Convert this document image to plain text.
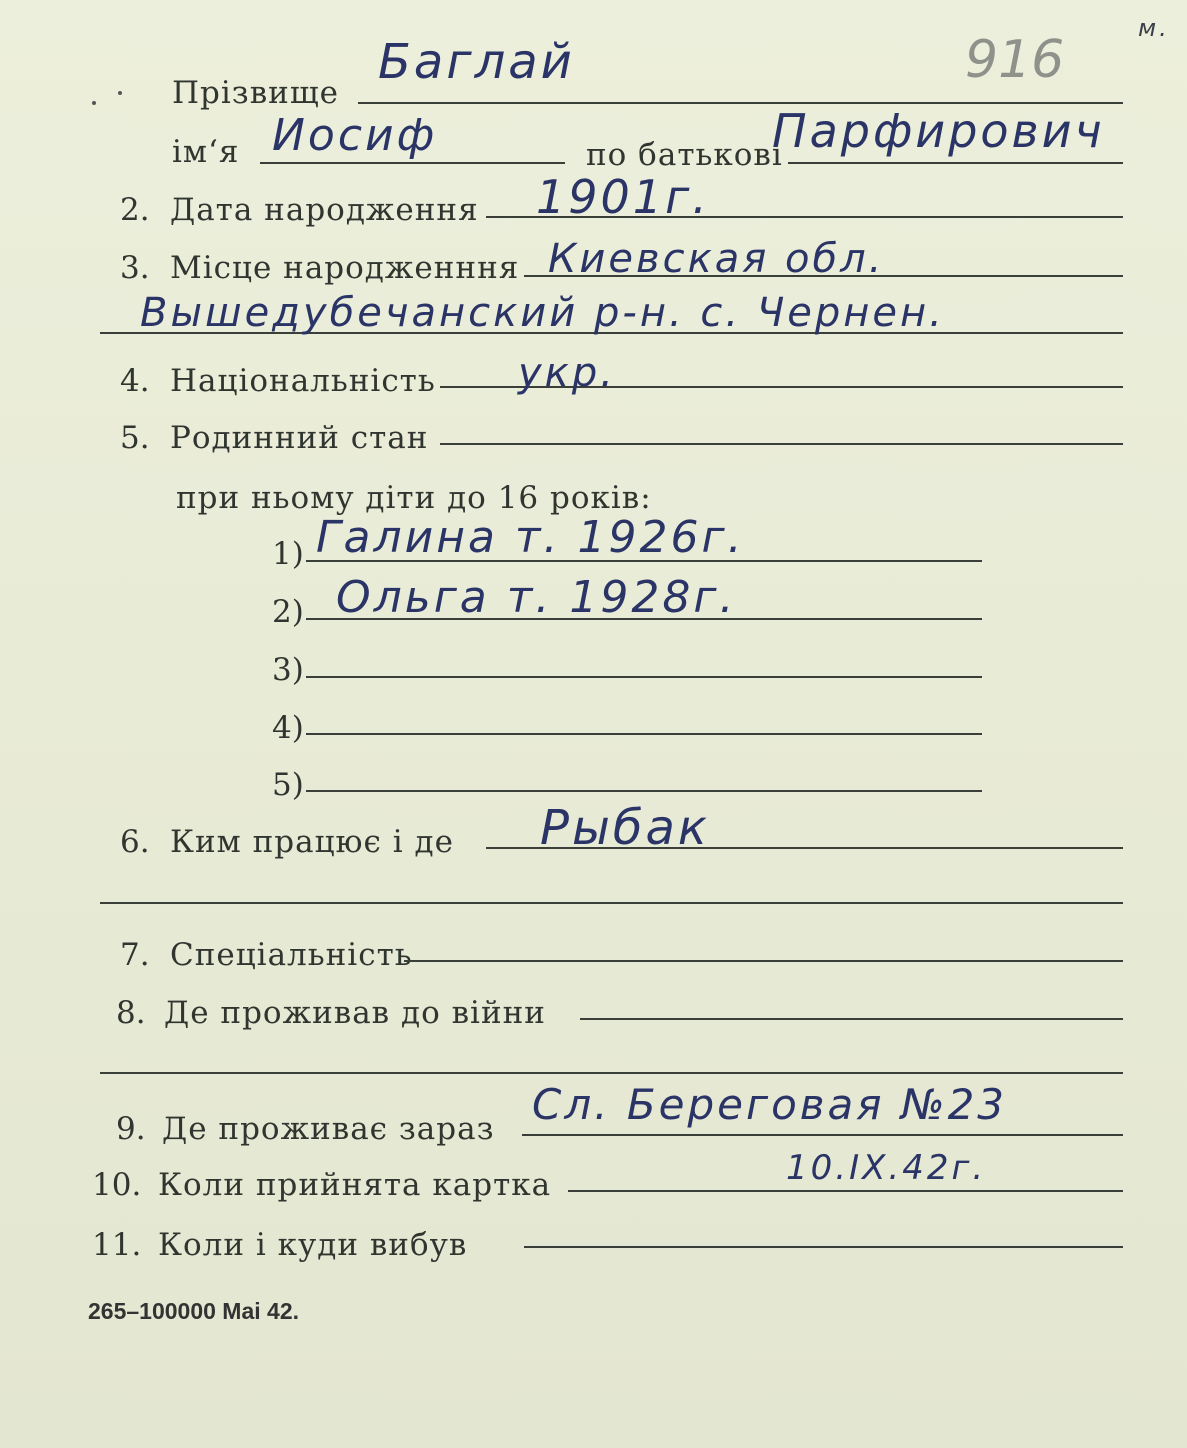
916
м.
Прізвище
Баглай
ім‘я Иосиф	по батькові
Парфирович
2. Дата народження 1901г.
3. Місце народженння Киевская обл.
Вышедубечанский р-н. с. Чернен.
4. Національність укр.
5. Родинний стан
при ньому діти до 16 років:
1) Галина т. 1926г.
2) Ольга т. 1928г.
3)
4)
5)
6. Ким працює і де Рыбак
7. Спеціальність
8. Де проживав до війни
9. Де проживає зараз Сл. Береговая №23
10. Коли прийнята картка	10.IX.42г.
11. Коли і куди вибув
265–100000 Mai 42.
